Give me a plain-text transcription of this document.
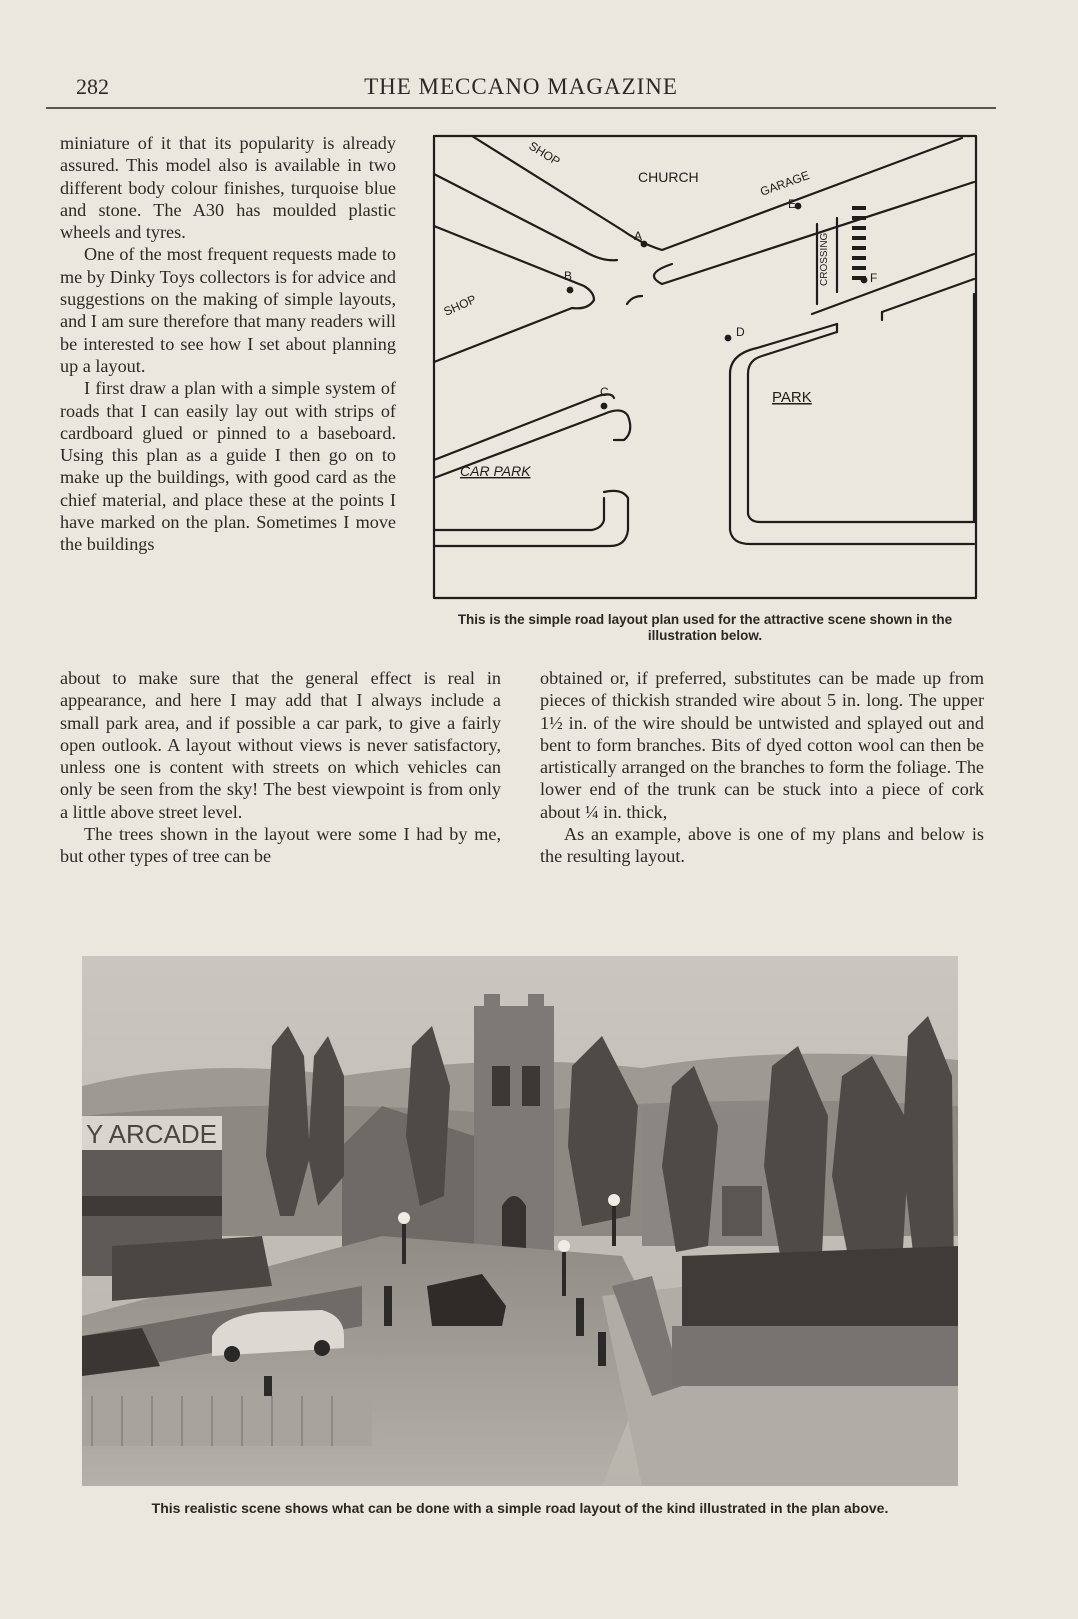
282	THE MECCANO MAGAZINE

miniature of it that its popularity is already assured. This model also is available in two different body colour finishes, turquoise blue and stone. The A30 has moulded plastic wheels and tyres.

One of the most frequent requests made to me by Dinky Toys collectors is for advice and suggestions on the making of simple layouts, and I am sure therefore that many readers will be interested to see how I set about planning up a layout.

I first draw a plan with a simple system of roads that I can easily lay out with strips of cardboard glued or pinned to a baseboard. Using this plan as a guide I then go on to make up the buildings, with good card as the chief material, and place these at the points I have marked on the plan. Sometimes I move the buildings

SHOP
CHURCH	GARAGE
SHOP
CROSSING
PARK
CAR PARK
A
B
C
D
E
F
This is the simple road layout plan used for the attractive scene shown in the illustration below.

about to make sure that the general effect is real in appearance, and here I may add that I always include a small park area, and if possible a car park, to give a fairly open outlook. A layout without views is never satisfactory, unless one is content with streets on which vehicles can only be seen from the sky! The best viewpoint is from only a little above street level.

The trees shown in the layout were some I had by me, but other types of tree can be

obtained or, if preferred, substitutes can be made up from pieces of thickish stranded wire about 5 in. long. The upper 1½ in. of the wire should be untwisted and splayed out and bent to form branches. Bits of dyed cotton wool can then be artistically arranged on the branches to form the foliage. The lower end of the trunk can be stuck into a piece of cork about ¼ in. thick,

As an example, above is one of my plans and below is the resulting layout.

Y ARCADE
This realistic scene shows what can be done with a simple road layout of the kind illustrated in the plan above.
